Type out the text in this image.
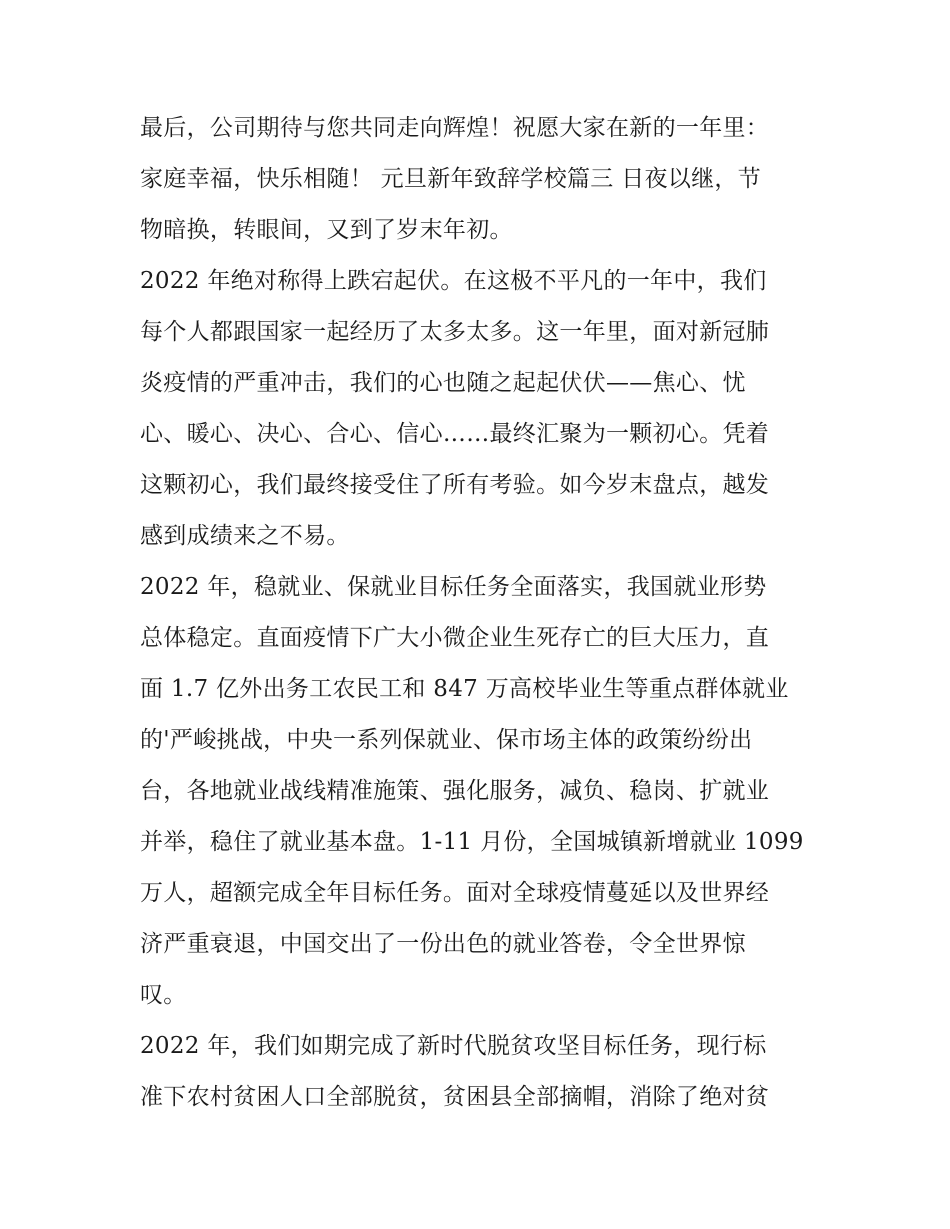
最后，公司期待与您共同走向辉煌！祝愿大家在新的一年里：
家庭幸福，快乐相随！ 元旦新年致辞学校篇三 日夜以继，节
物暗换，转眼间，又到了岁末年初。
2022 年绝对称得上跌宕起伏。在这极不平凡的一年中，我们
每个人都跟国家一起经历了太多太多。这一年里，面对新冠肺
炎疫情的严重冲击，我们的心也随之起起伏伏——焦心、忧
心、暖心、决心、合心、信心……最终汇聚为一颗初心。凭着
这颗初心，我们最终接受住了所有考验。如今岁末盘点，越发
感到成绩来之不易。
2022 年，稳就业、保就业目标任务全面落实，我国就业形势
总体稳定。直面疫情下广大小微企业生死存亡的巨大压力，直
面 1.7 亿外出务工农民工和 847 万高校毕业生等重点群体就业
的'严峻挑战，中央一系列保就业、保市场主体的政策纷纷出
台，各地就业战线精准施策、强化服务，减负、稳岗、扩就业
并举，稳住了就业基本盘。1-11 月份，全国城镇新增就业 1099
万人，超额完成全年目标任务。面对全球疫情蔓延以及世界经
济严重衰退，中国交出了一份出色的就业答卷，令全世界惊
叹。
2022 年，我们如期完成了新时代脱贫攻坚目标任务，现行标
准下农村贫困人口全部脱贫，贫困县全部摘帽，消除了绝对贫
